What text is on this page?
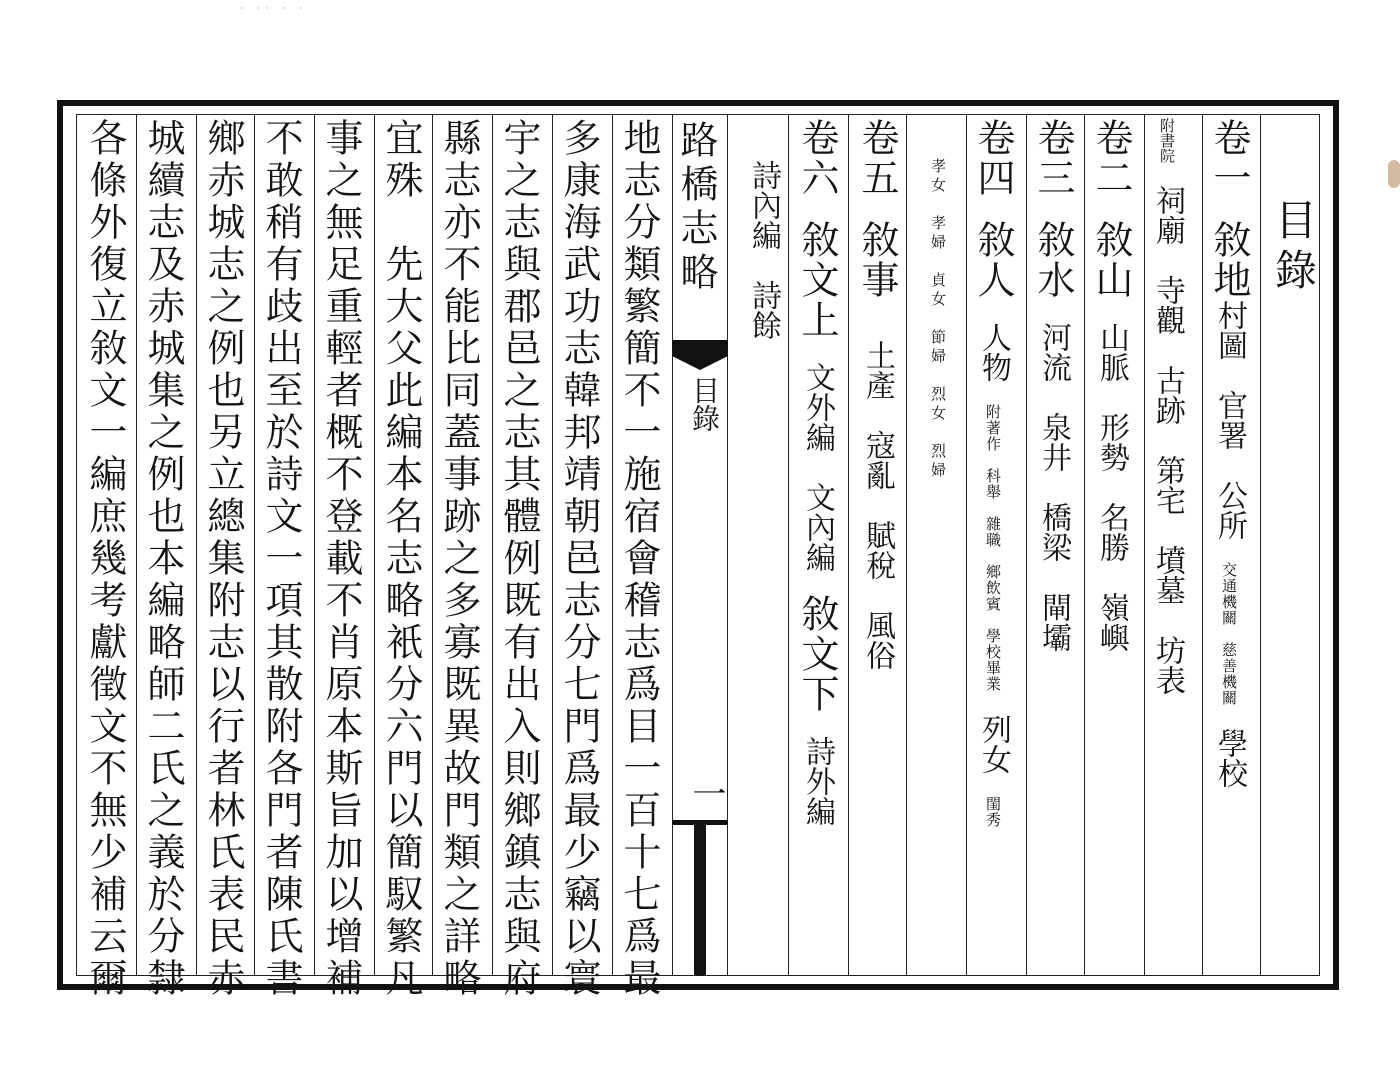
· ·· · ·
地志分類繁簡不一施宿會稽志爲目一百十七爲最
多康海武功志韓邦靖朝邑志分七門爲最少竊以寰
宇之志與郡邑之志其體例既有出入則鄉鎮志與府
縣志亦不能比同蓋事跡之多寡既異故門類之詳略
宜殊　先大父此編本名志略衹分六門以簡馭繁凡
事之無足重輕者概不登載不肖原本斯旨加以增補
不敢稍有歧出至於詩文一項其散附各門者陳氏書
鄉赤城志之例也另立總集附志以行者林氏表民赤
城續志及赤城集之例也本編略師二氏之義於分隸
各條外復立敘文一編庶幾考獻徵文不無少補云爾	路橋志略
目錄
一
目錄
卷一敘地村圖　官署　公所交通機關　慈善機關學校
附書院祠廟　寺觀　古跡　第宅　墳墓　坊表
卷二敘山山脈　形勢　名勝　嶺嶼
卷三敘水河流　泉井　橋梁　閘壩
卷四敘人人物附著作　科舉　雜職　鄉飲賓　學校畢業列女閨秀
孝女　孝婦　貞女　節婦　烈女　烈婦
卷五敘事土產　寇亂　賦稅　風俗
卷六敘文上文外編　文內編敘文下詩外編
詩內編　詩餘
